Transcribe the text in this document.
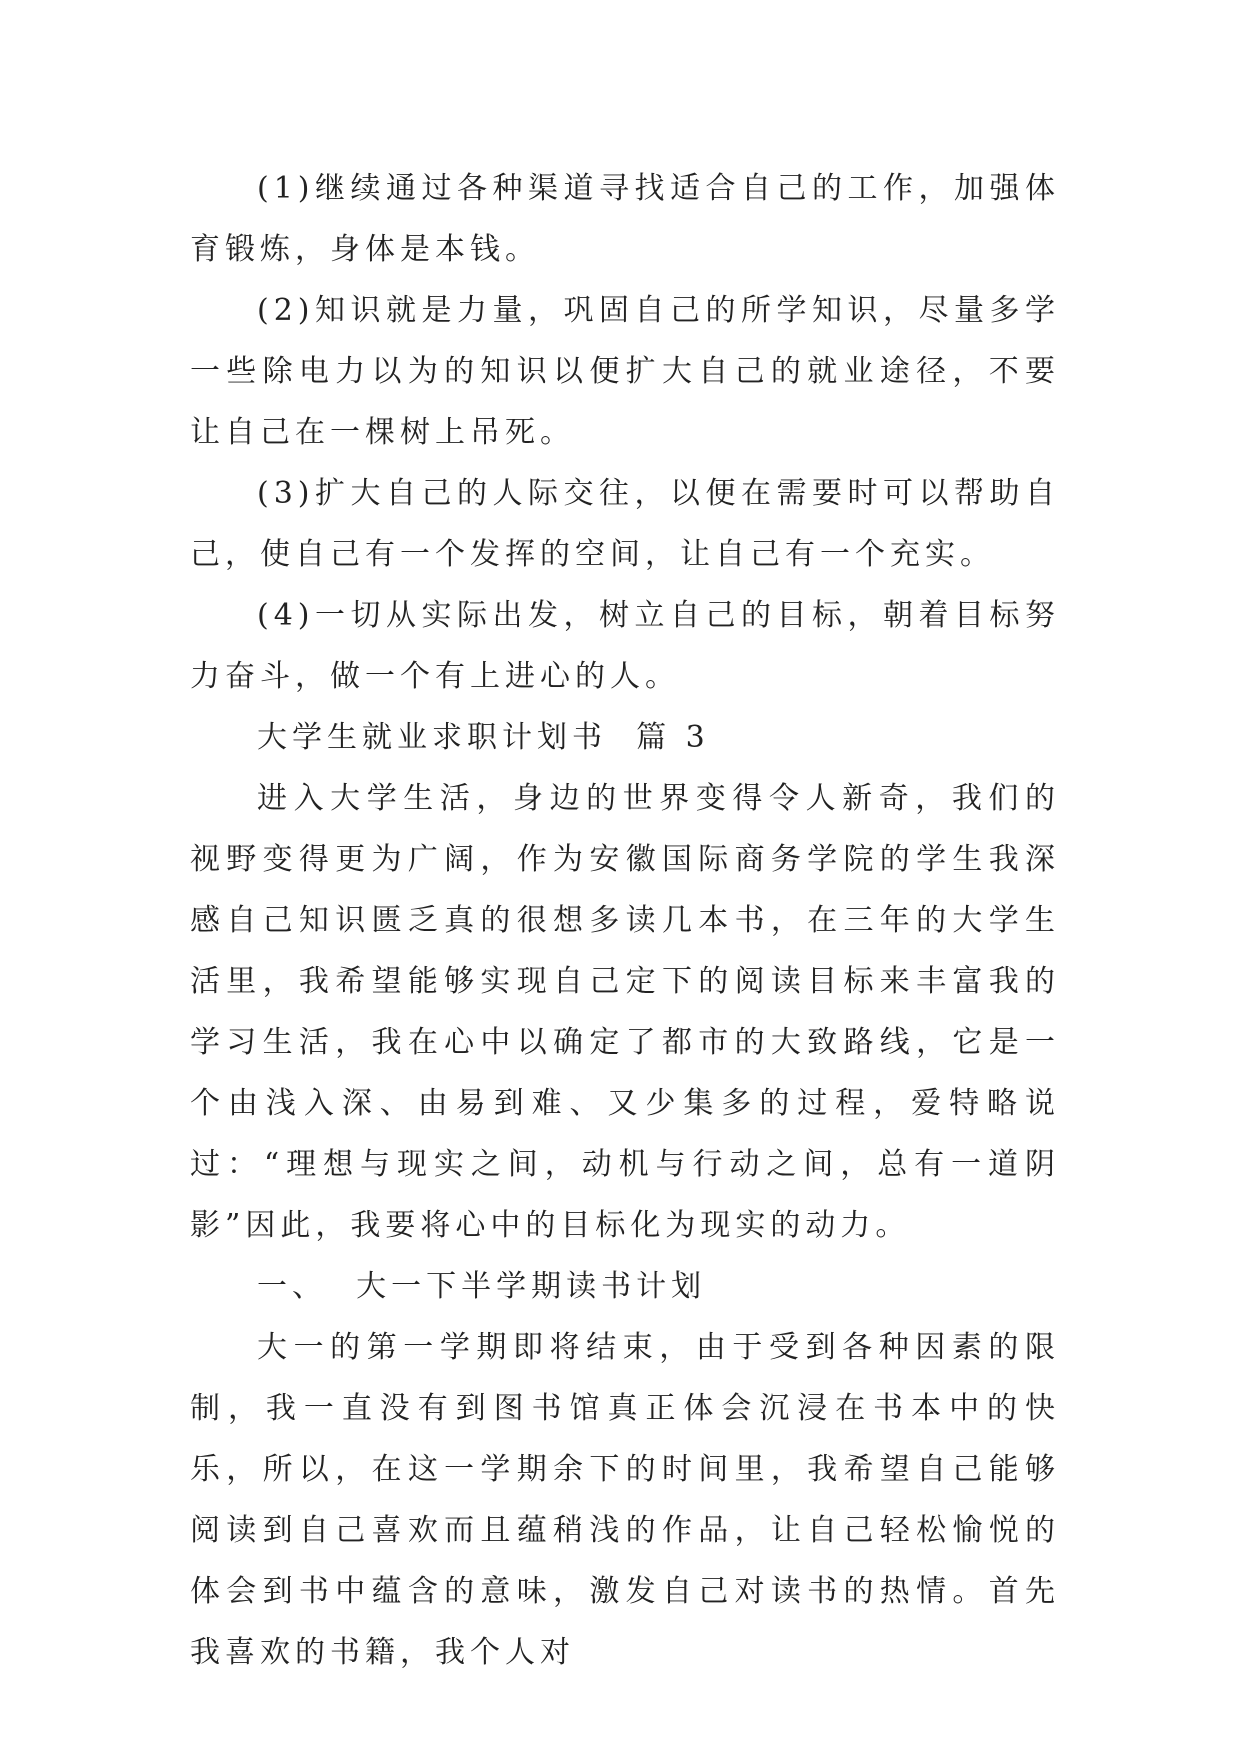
(1)继续通过各种渠道寻找适合自己的工作，加强体育锻炼，身体是本钱。

(2)知识就是力量，巩固自己的所学知识，尽量多学一些除电力以为的知识以便扩大自己的就业途径，不要让自己在一棵树上吊死。

(3)扩大自己的人际交往，以便在需要时可以帮助自己，使自己有一个发挥的空间，让自己有一个充实。

(4)一切从实际出发，树立自己的目标，朝着目标努力奋斗，做一个有上进心的人。

大学生就业求职计划书  篇 3

进入大学生活，身边的世界变得令人新奇，我们的视野变得更为广阔，作为安徽国际商务学院的学生我深感自己知识匮乏真的很想多读几本书，在三年的大学生活里，我希望能够实现自己定下的阅读目标来丰富我的学习生活，我在心中以确定了都市的大致路线，它是一个由浅入深、由易到难、又少集多的过程，爱特略说过：“理想与现实之间，动机与行动之间，总有一道阴影”因此，我要将心中的目标化为现实的动力。

一、  大一下半学期读书计划

大一的第一学期即将结束，由于受到各种因素的限制，我一直没有到图书馆真正体会沉浸在书本中的快乐，所以，在这一学期余下的时间里，我希望自己能够阅读到自己喜欢而且蕴稍浅的作品，让自己轻松愉悦的体会到书中蕴含的意味，激发自己对读书的热情。首先我喜欢的书籍，我个人对
